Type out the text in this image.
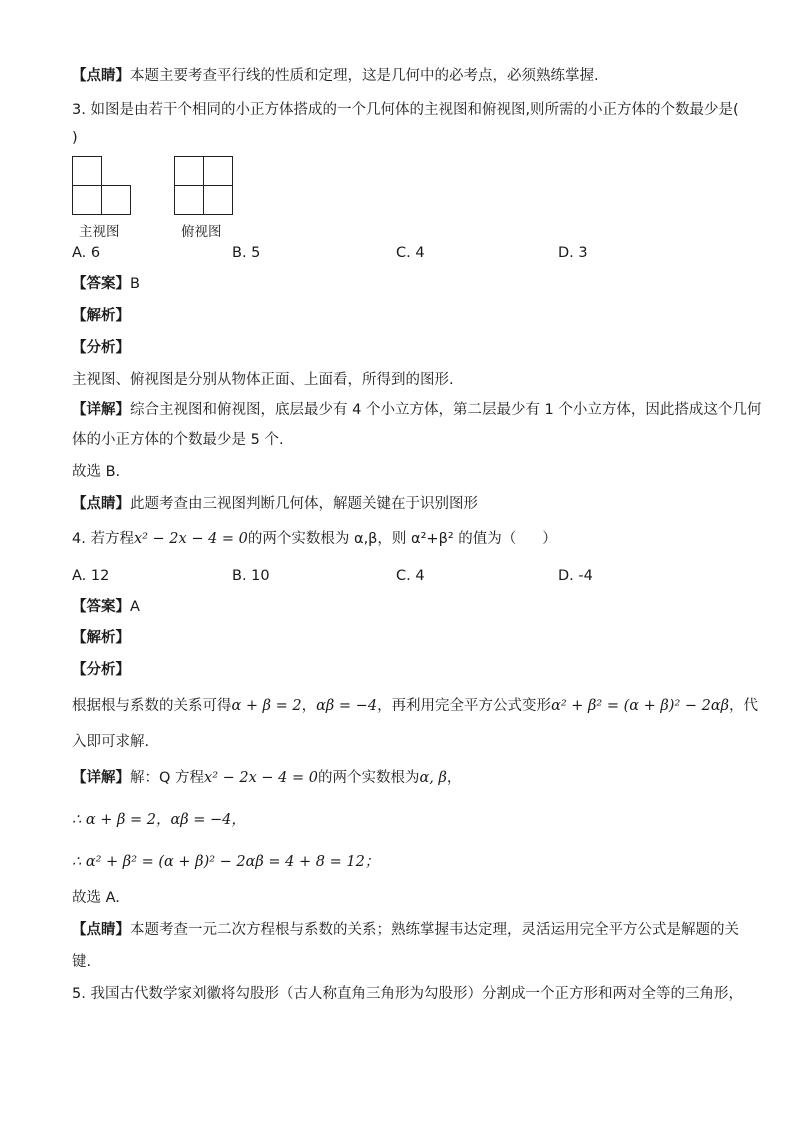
【点睛】本题主要考查平行线的性质和定理，这是几何中的必考点，必须熟练掌握.
3. 如图是由若干个相同的小正方体搭成的一个几何体的主视图和俯视图,则所需的小正方体的个数最少是(
)
主视图	俯视图
A. 6	B. 5	C. 4	D. 3
【答案】B
【解析】
【分析】
主视图、俯视图是分别从物体正面、上面看，所得到的图形.
【详解】综合主视图和俯视图，底层最少有 4 个小立方体，第二层最少有 1 个小立方体，因此搭成这个几何
体的小正方体的个数最少是 5 个.
故选 B.
【点睛】此题考查由三视图判断几何体，解题关键在于识别图形
4. 若方程x² − 2x − 4 = 0的两个实数根为 α,β，则 α²+β² 的值为（ ）
A. 12	B. 10	C. 4	D. -4
【答案】A
【解析】
【分析】
根据根与系数的关系可得α + β = 2，αβ = −4，再利用完全平方公式变形α² + β² = (α + β)² − 2αβ，代
入即可求解.
【详解】解：Q 方程x² − 2x − 4 = 0的两个实数根为α, β，
∴ α + β = 2，αβ = −4，
∴ α² + β² = (α + β)² − 2αβ = 4 + 8 = 12；
故选 A.
【点睛】本题考查一元二次方程根与系数的关系；熟练掌握韦达定理，灵活运用完全平方公式是解题的关
键.
5. 我国古代数学家刘徽将勾股形（古人称直角三角形为勾股形）分割成一个正方形和两对全等的三角形，
